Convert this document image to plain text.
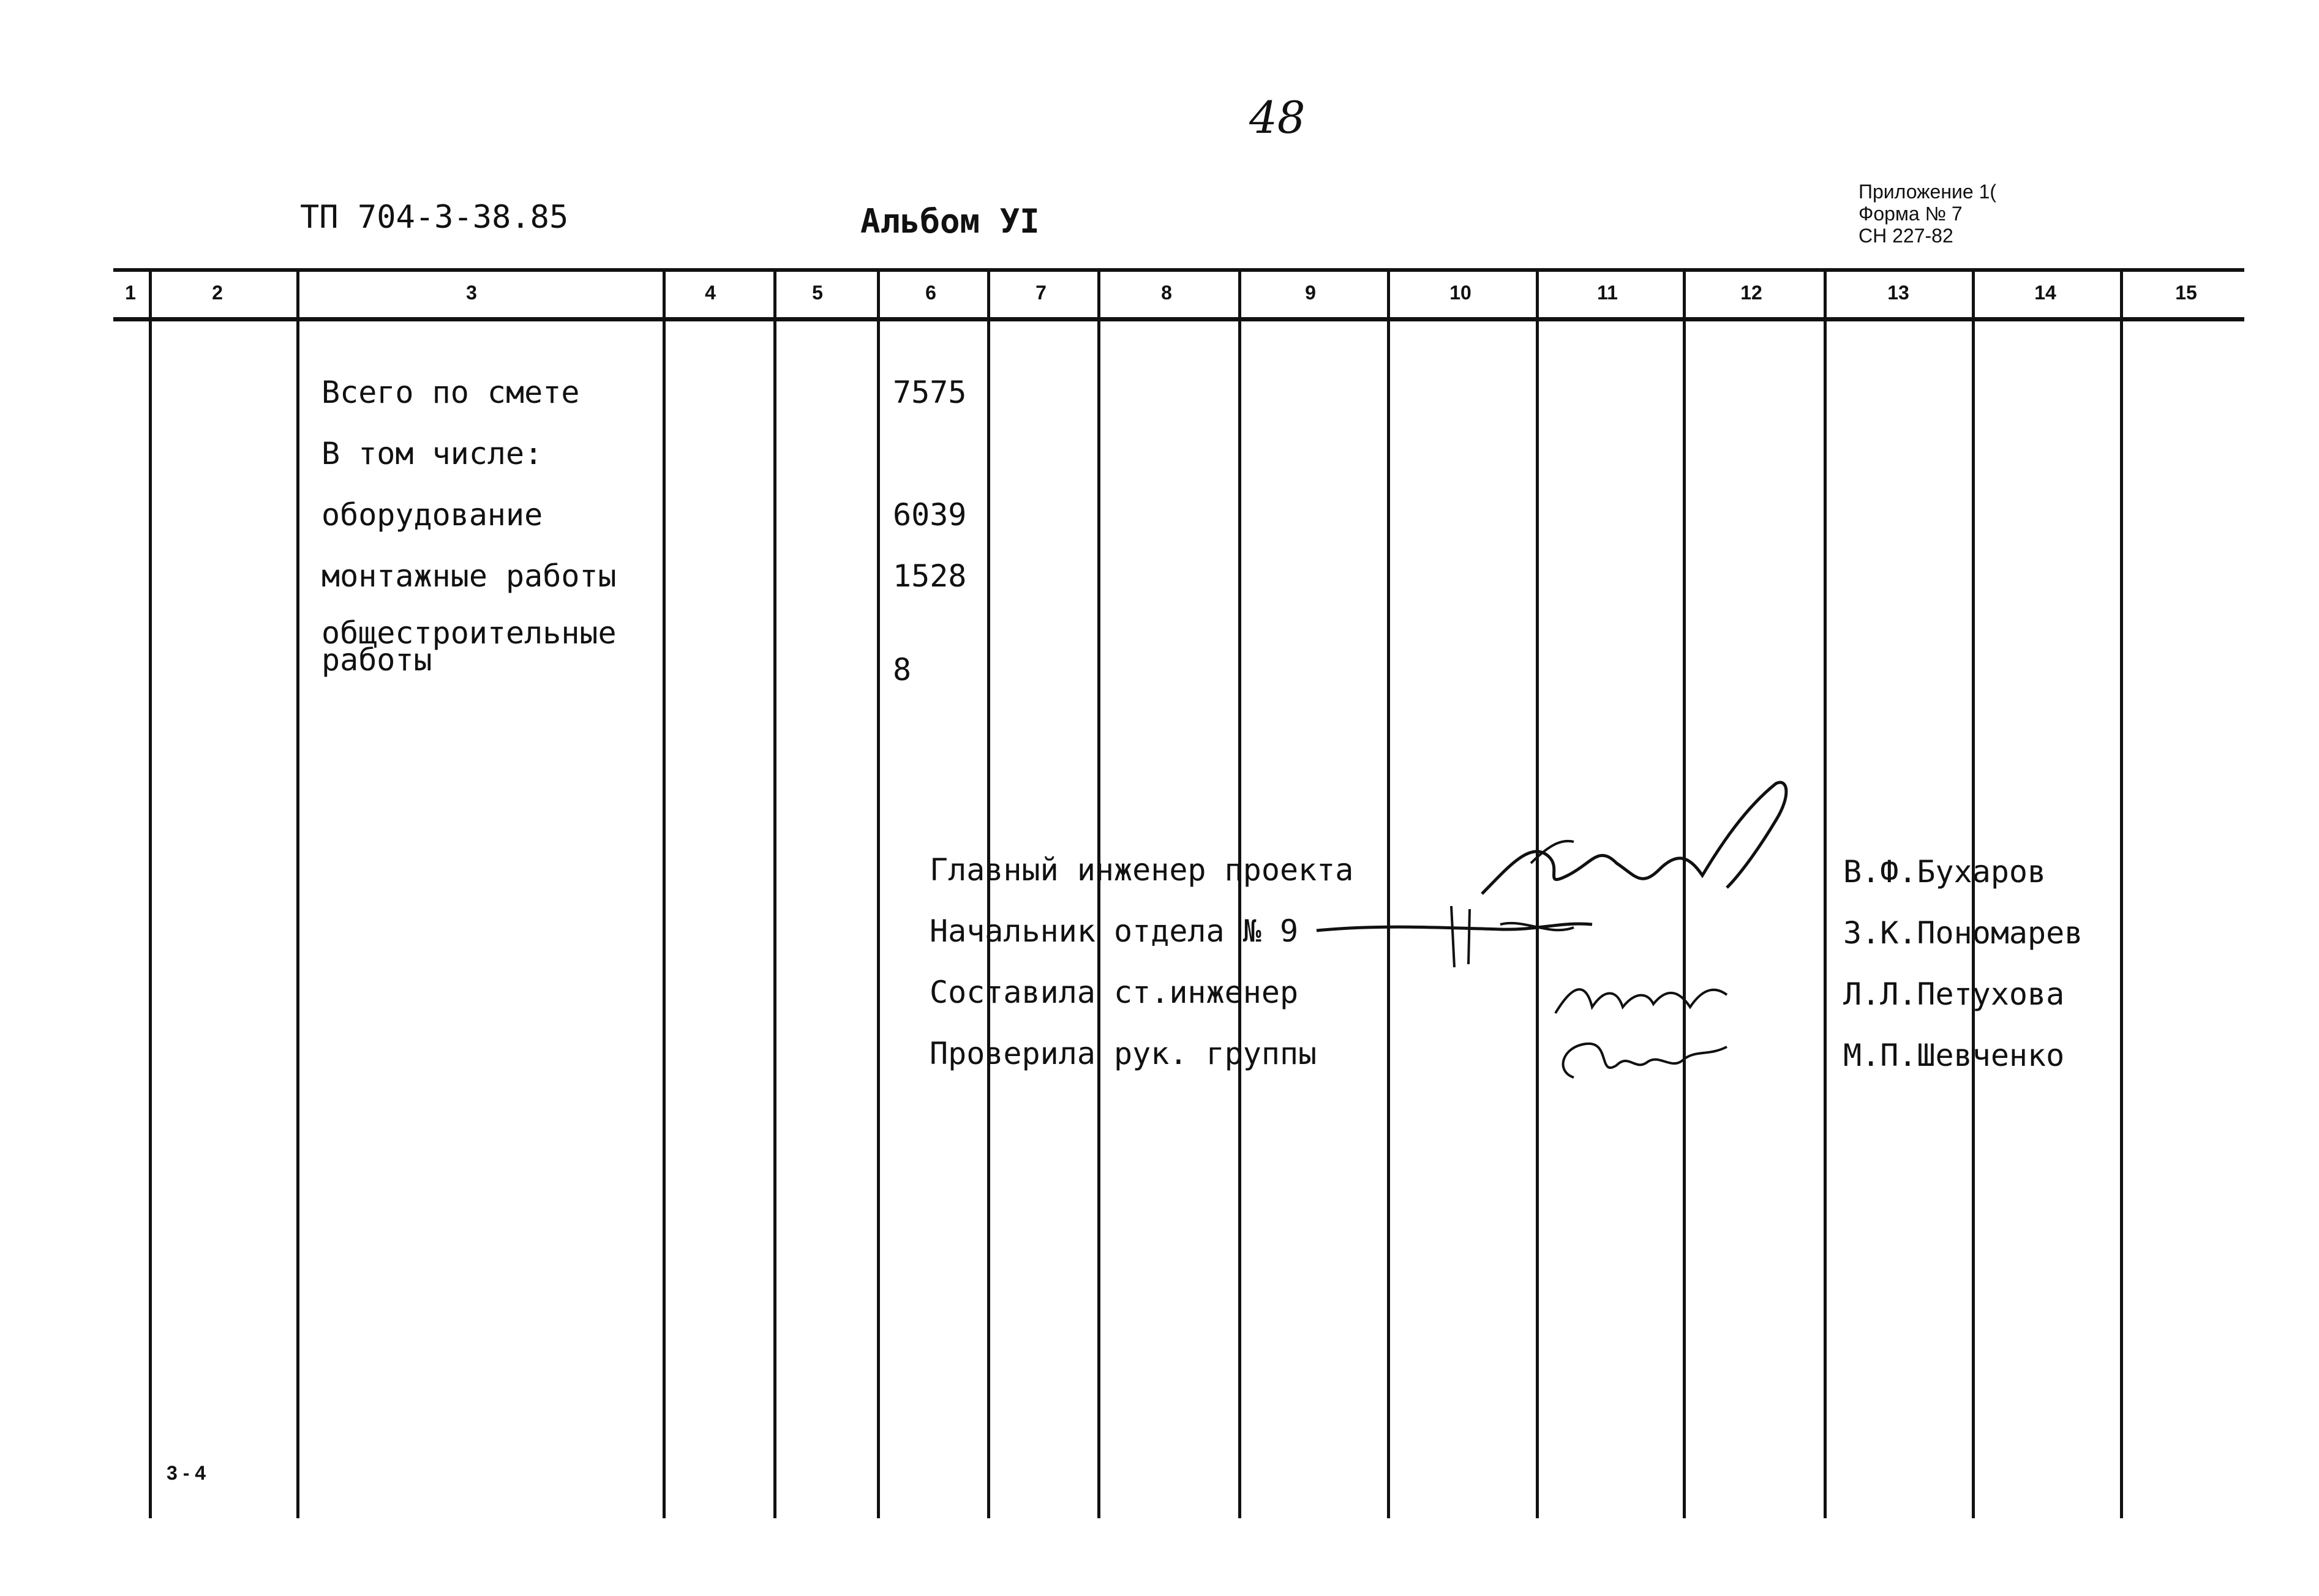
48
ТП 704-3-38.85	Альбом УI
Приложение 1(
Форма № 7
СН 227-82
1	2	3	4	5	6	7	8	9	10	11	12	13	14	15
Всего по смете	7575
В том числе:
оборудование	6039
монтажные работы	1528
общестроительные
работы	8
Главный инженер проекта	В.Ф.Бухаров
Начальник отдела № 9	З.К.Пономарев
Составила ст.инженер	Л.Л.Петухова
Проверила рук. группы	М.П.Шевченко
3 - 4
